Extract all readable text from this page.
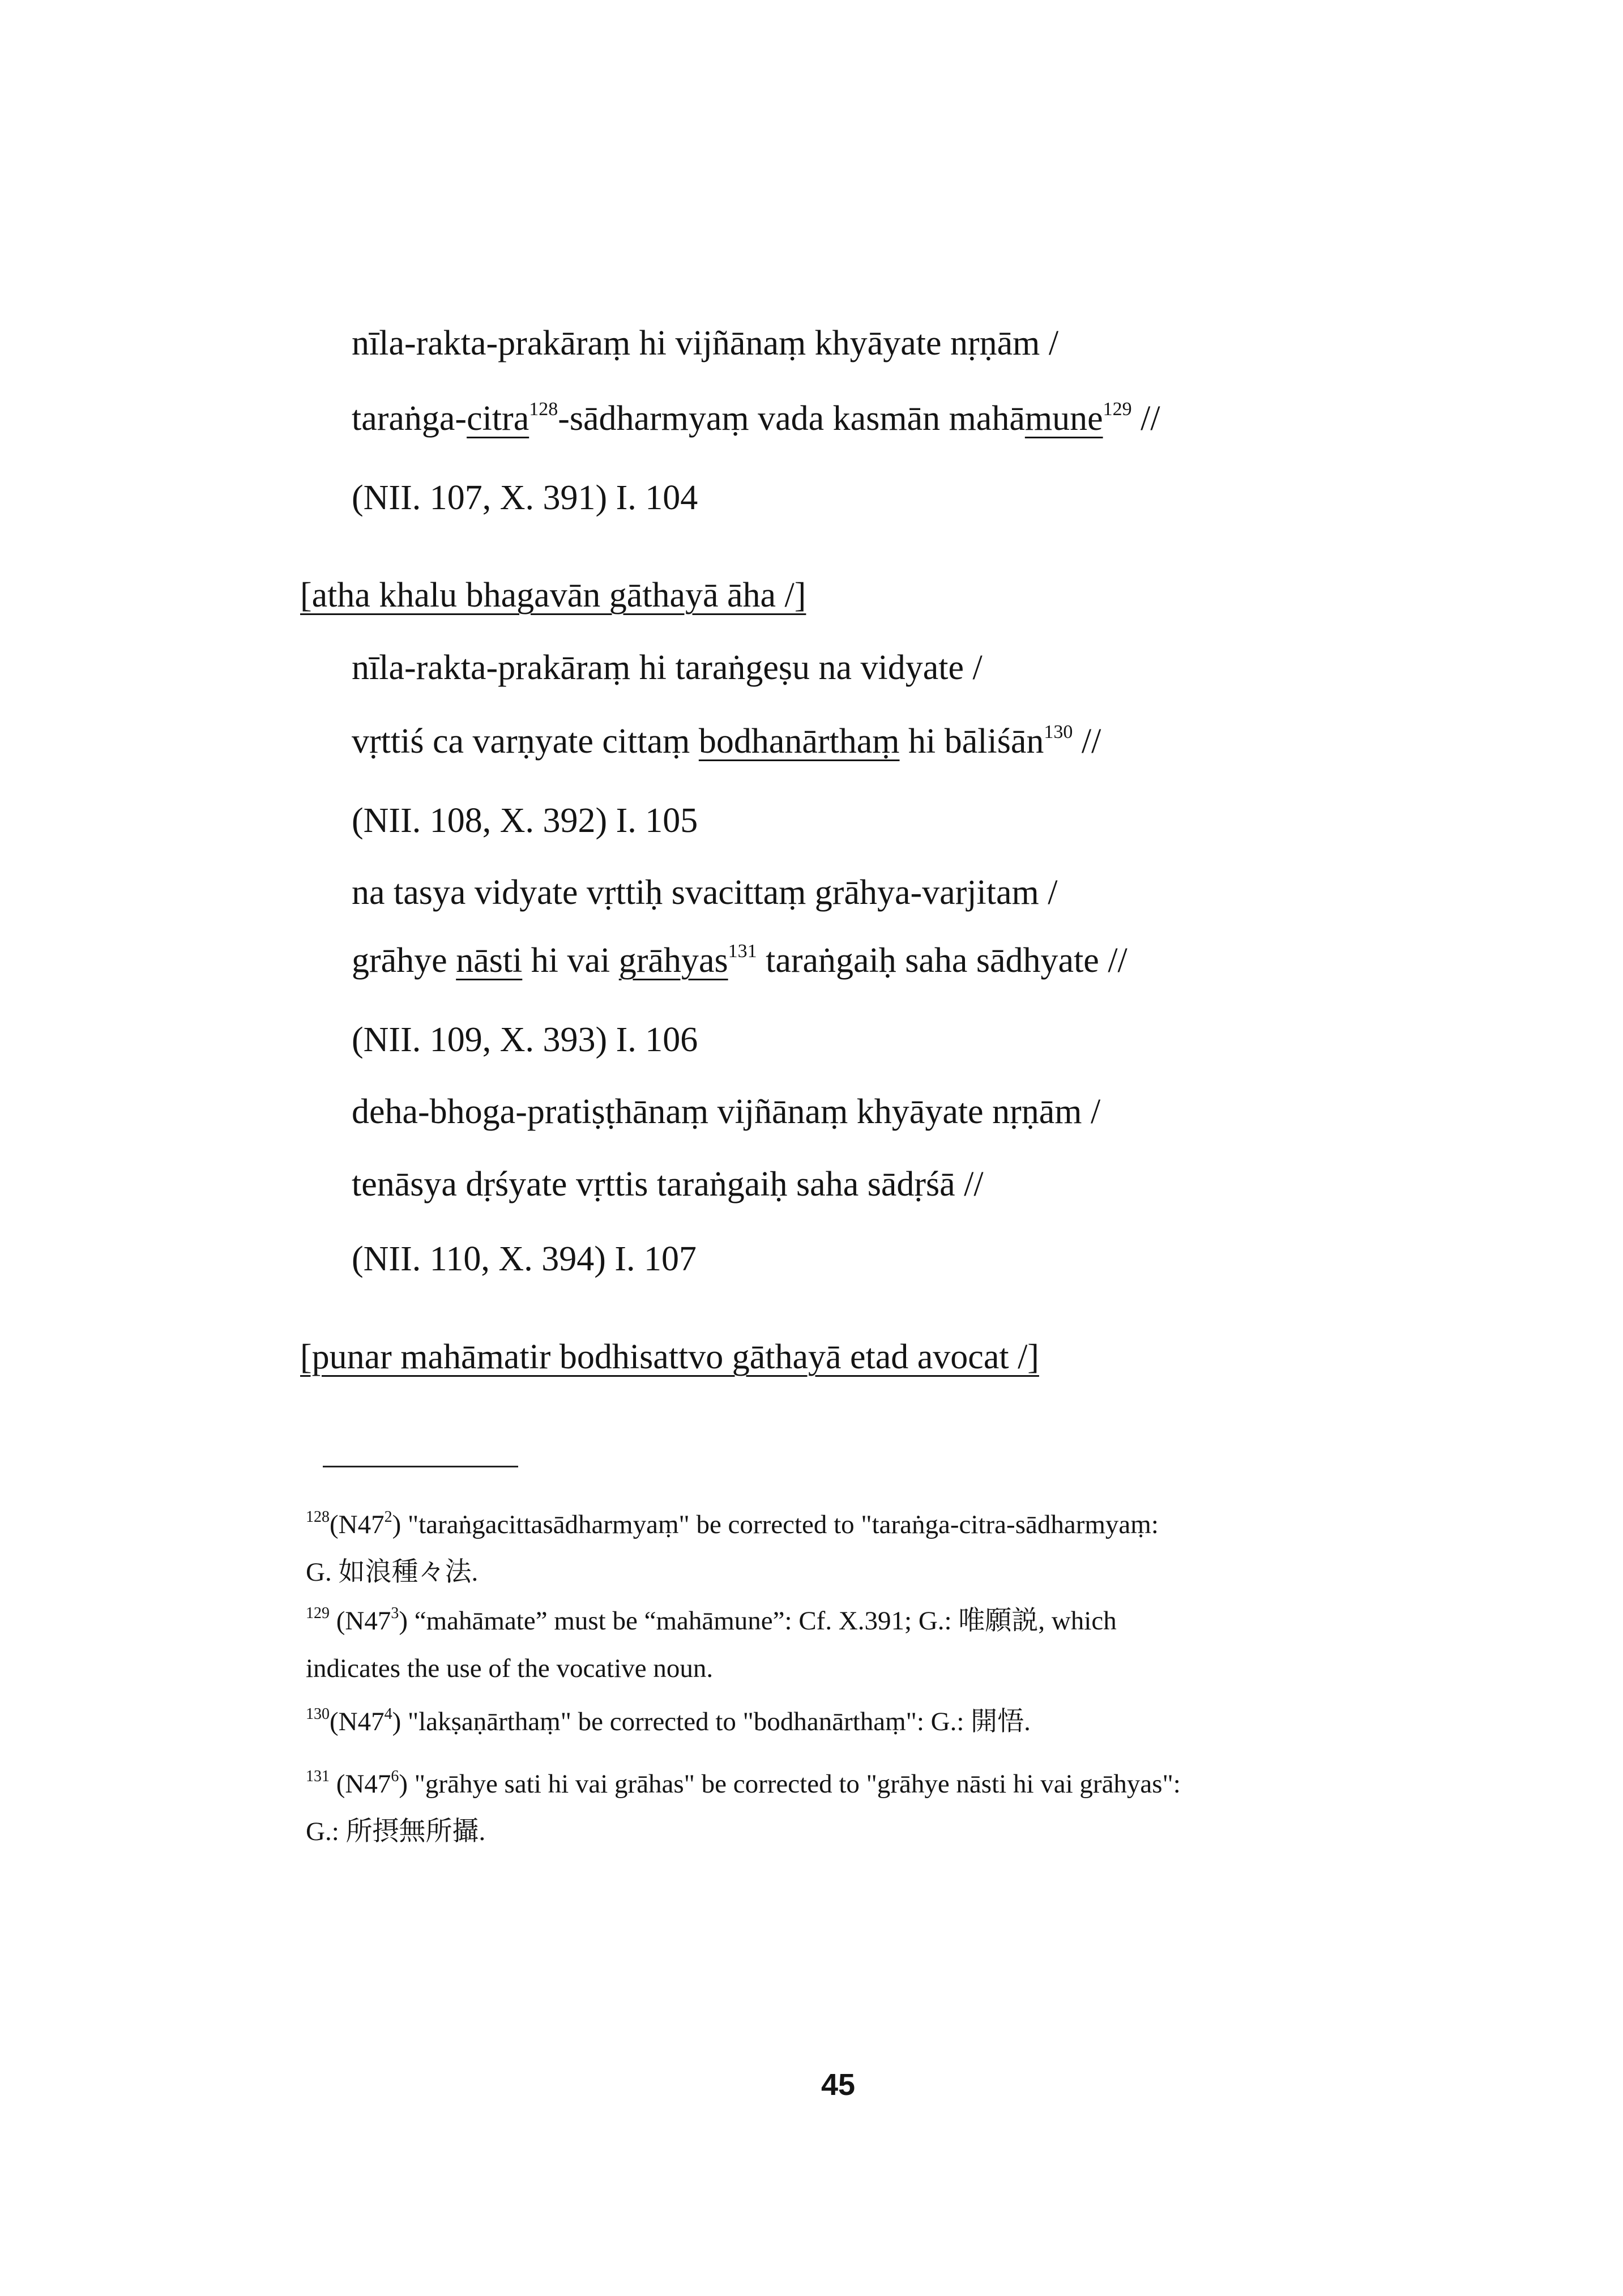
nīla-rakta-prakāraṃ hi vijñānaṃ khyāyate nṛṇām /
taraṅga-citra$^{128}$-sādharmyaṃ vada kasmān mahāmune$^{129}$ //
(NII. 107, X. 391) I. 104
[atha khalu bhagavān gāthayā āha /]
nīla-rakta-prakāraṃ hi taraṅgeṣu na vidyate /
vṛttiś ca varṇyate cittaṃ bodhanārthaṃ hi bāliśān$^{130}$ //
(NII. 108, X. 392) I. 105
na tasya vidyate vṛttiḥ svacittaṃ grāhya-varjitam /
grāhye nāsti hi vai grāhyas$^{131}$ taraṅgaiḥ saha sādhyate //
(NII. 109, X. 393) I. 106
deha-bhoga-pratiṣṭhānaṃ vijñānaṃ khyāyate nṛṇām /
tenāsya dṛśyate vṛttis taraṅgaiḥ saha sādṛśā //
(NII. 110, X. 394) I. 107
[punar mahāmatir bodhisattvo gāthayā etad avocat /]
$^{128}(N47^2)$ "taraṅgacittasādharmyaṃ" be corrected to "taraṅga-citra-sādharmyaṃ:
G. 如浪種々法.
$^{129}$ $(N47^3)$ “mahāmate” must be “mahāmune”: Cf. X.391; G.: 唯願説, which
indicates the use of the vocative noun.
$^{130}(N47^4)$ "lakṣaṇārthaṃ" be corrected to "bodhanārthaṃ": G.: 開悟.
$^{131}$ $(N47^6)$ "grāhye sati hi vai grāhas" be corrected to "grāhye nāsti hi vai grāhyas":
G.: 所摂無所攝.
45
